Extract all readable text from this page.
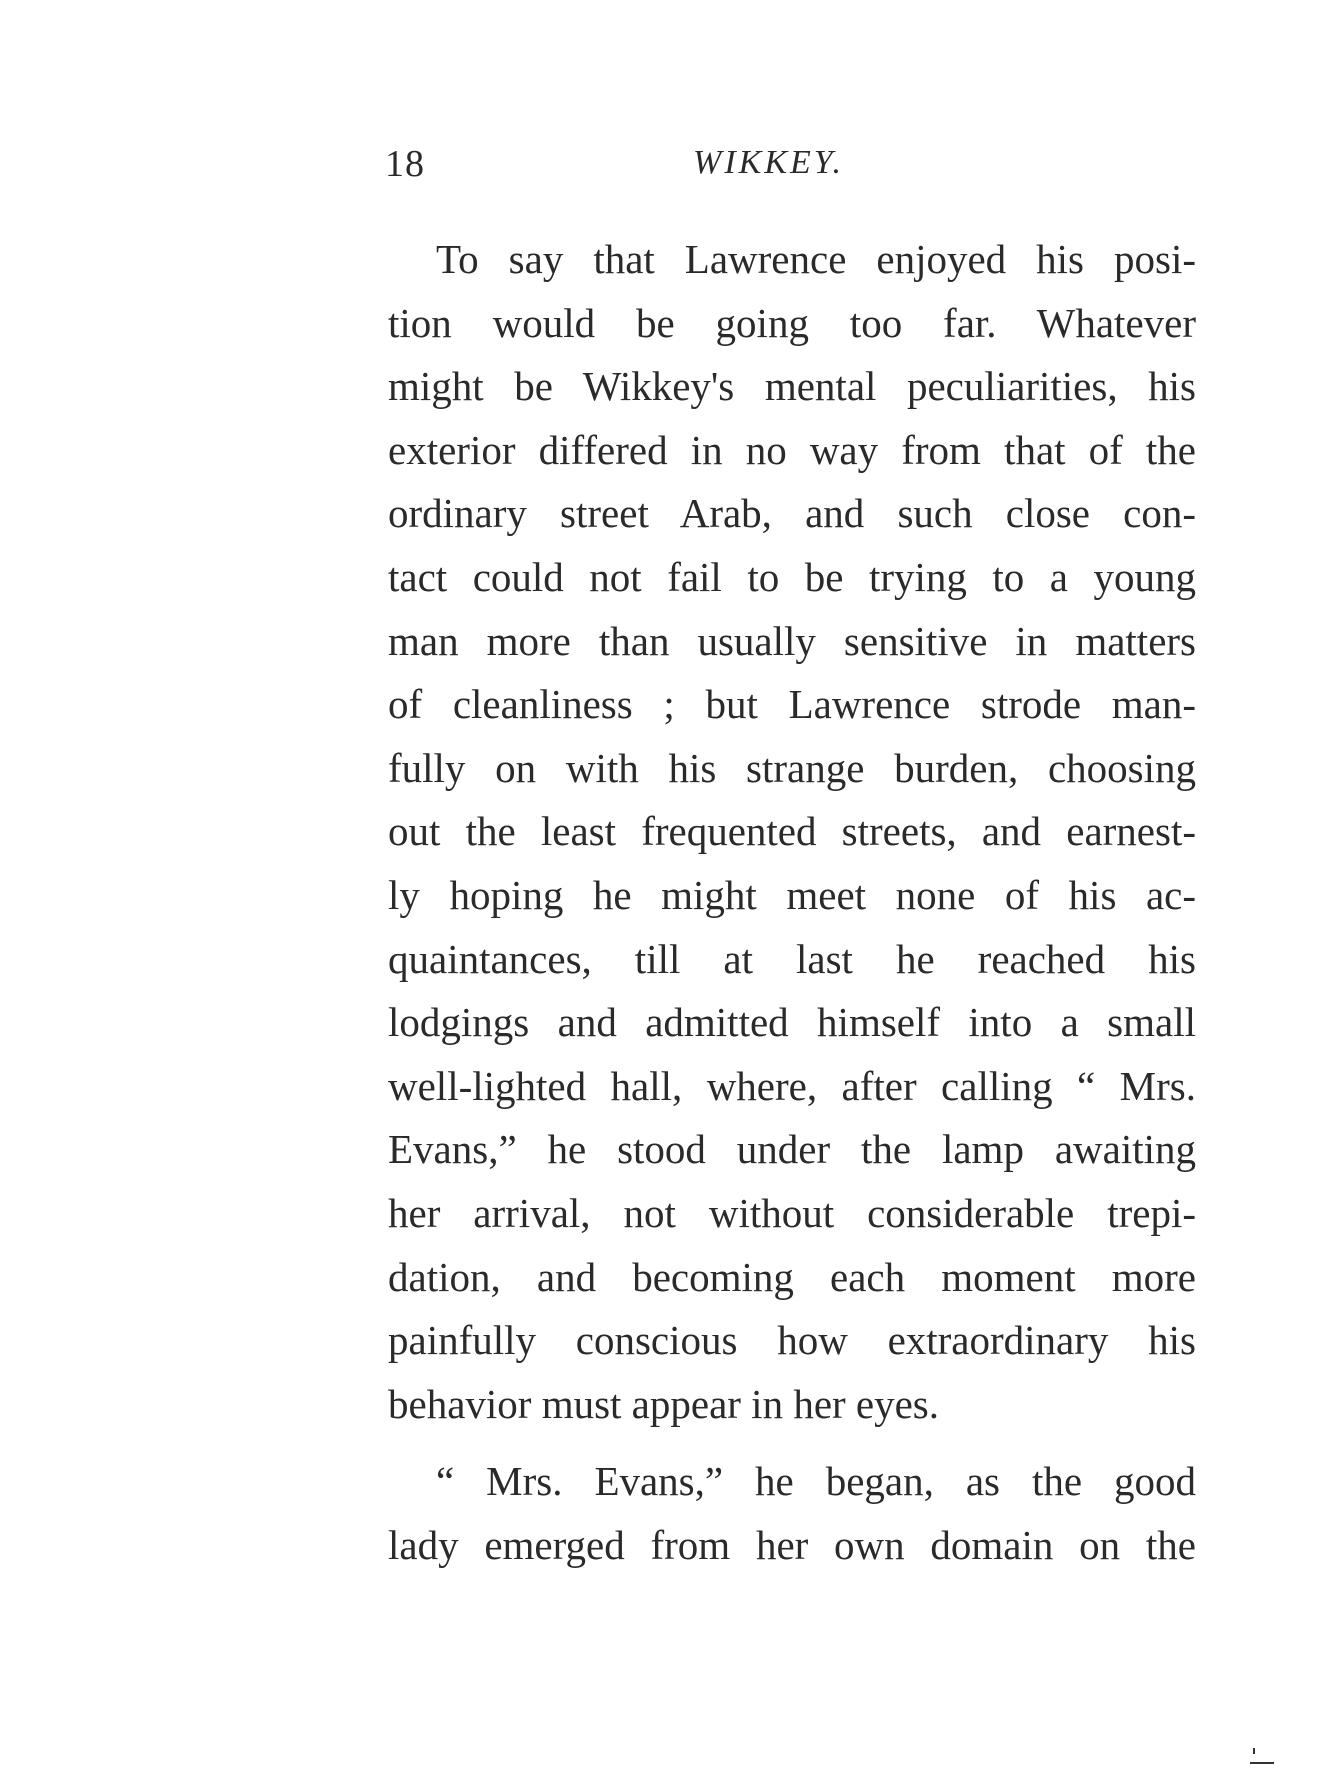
18	WIKKEY.
To say that Lawrence enjoyed his posi-
tion would be going too far. Whatever
might be Wikkey's mental peculiarities, his
exterior differed in no way from that of the
ordinary street Arab, and such close con-
tact could not fail to be trying to a young
man more than usually sensitive in matters
of cleanliness ; but Lawrence strode man-
fully on with his strange burden, choosing
out the least frequented streets, and earnest-
ly hoping he might meet none of his ac-
quaintances, till at last he reached his
lodgings and admitted himself into a small
well-lighted hall, where, after calling “ Mrs.
Evans,” he stood under the lamp awaiting
her arrival, not without considerable trepi-
dation, and becoming each moment more
painfully conscious how extraordinary his
behavior must appear in her eyes.
“ Mrs. Evans,” he began, as the good
lady emerged from her own domain on the
